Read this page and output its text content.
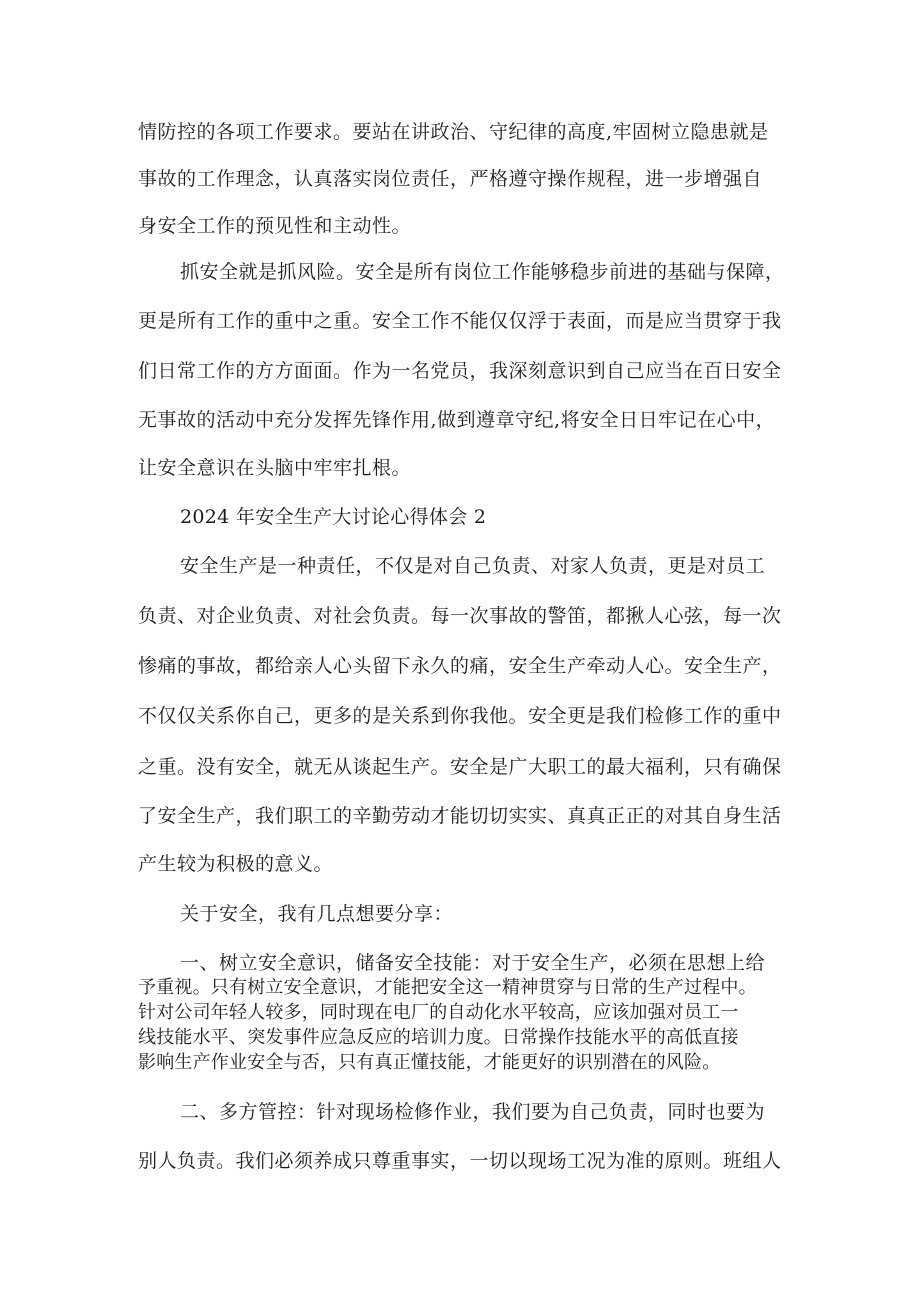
情防控的各项工作要求。要站在讲政治、守纪律的高度,牢固树立隐患就是
事故的工作理念，认真落实岗位责任，严格遵守操作规程，进一步增强自
身安全工作的预见性和主动性。
抓安全就是抓风险。安全是所有岗位工作能够稳步前进的基础与保障，
更是所有工作的重中之重。安全工作不能仅仅浮于表面，而是应当贯穿于我
们日常工作的方方面面。作为一名党员，我深刻意识到自己应当在百日安全
无事故的活动中充分发挥先锋作用,做到遵章守纪,将安全日日牢记在心中，
让安全意识在头脑中牢牢扎根。
2024 年安全生产大讨论心得体会 2
安全生产是一种责任，不仅是对自己负责、对家人负责，更是对员工
负责、对企业负责、对社会负责。每一次事故的警笛，都揪人心弦，每一次
惨痛的事故，都给亲人心头留下永久的痛，安全生产牵动人心。安全生产，
不仅仅关系你自己，更多的是关系到你我他。安全更是我们检修工作的重中
之重。没有安全，就无从谈起生产。安全是广大职工的最大福利，只有确保
了安全生产，我们职工的辛勤劳动才能切切实实、真真正正的对其自身生活
产生较为积极的意义。
关于安全，我有几点想要分享：
一、树立安全意识，储备安全技能：对于安全生产，必须在思想上给
予重视。只有树立安全意识，才能把安全这一精神贯穿与日常的生产过程中。
针对公司年轻人较多，同时现在电厂的自动化水平较高，应该加强对员工一
线技能水平、突发事件应急反应的培训力度。日常操作技能水平的高低直接
影响生产作业安全与否，只有真正懂技能，才能更好的识别潜在的风险。
二、多方管控：针对现场检修作业，我们要为自己负责，同时也要为
别人负责。我们必须养成只尊重事实，一切以现场工况为准的原则。班组人
